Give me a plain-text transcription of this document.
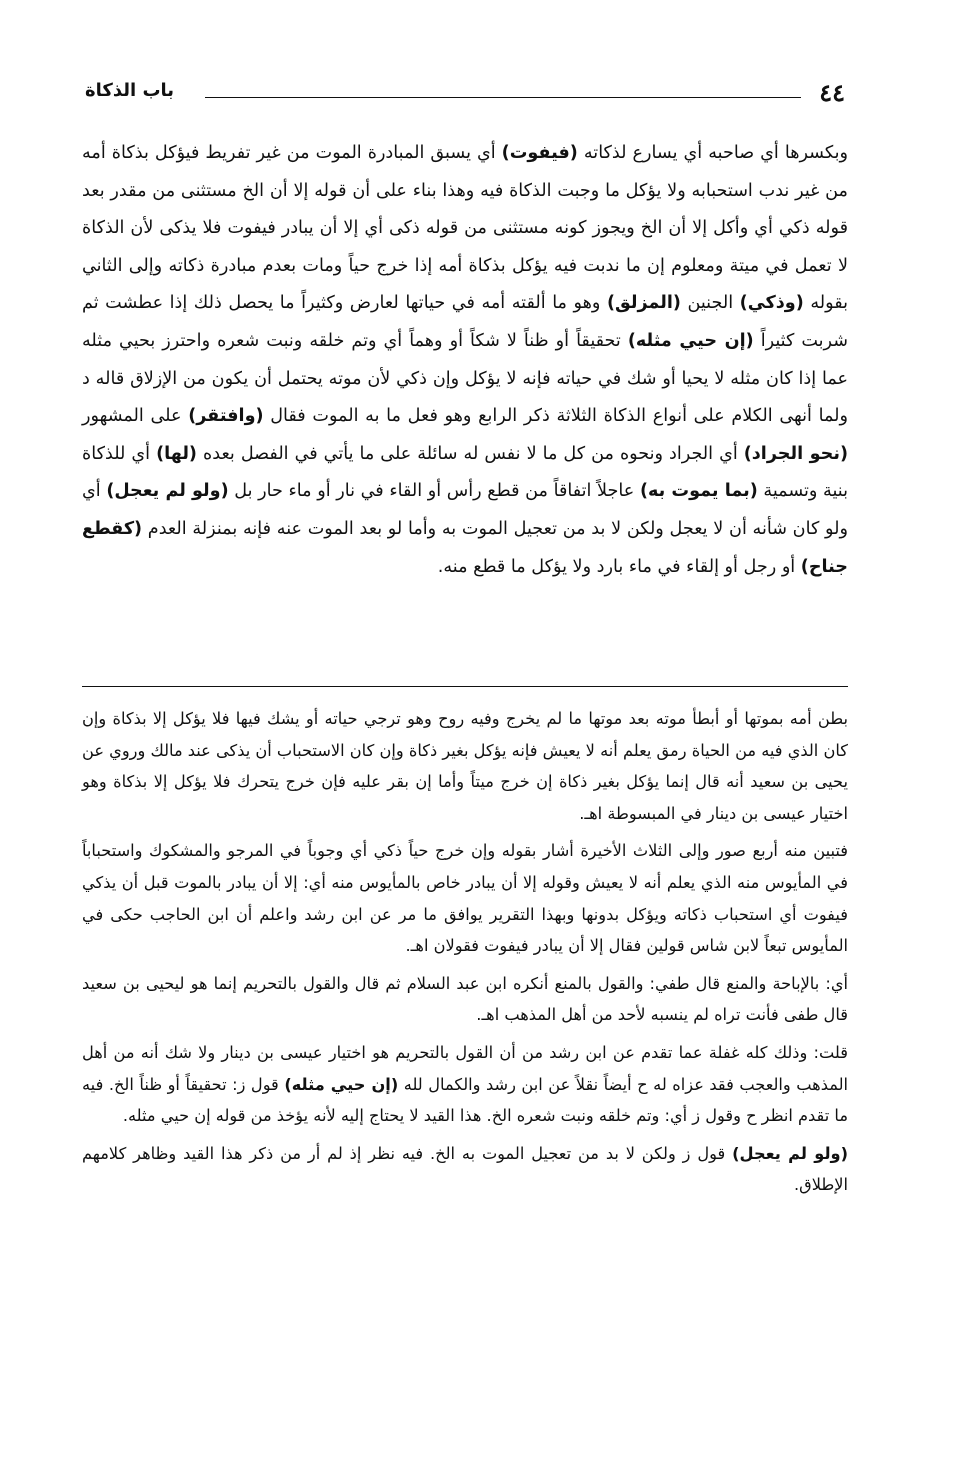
٤٤
باب الذكاة

وبكسرها أي صاحبه أي يسارع لذكاته (فيفوت) أي يسبق المبادرة الموت من غير تفريط فيؤكل بذكاة أمه من غير ندب استحبابه ولا يؤكل ما وجبت الذكاة فيه وهذا بناء على أن قوله إلا أن الخ مستثنى من مقدر بعد قوله ذكي أي وأكل إلا أن الخ ويجوز كونه مستثنى من قوله ذكى أي إلا أن يبادر فيفوت فلا يذكى لأن الذكاة لا تعمل في ميتة ومعلوم إن ما ندبت فيه يؤكل بذكاة أمه إذا خرج حياً ومات بعدم مبادرة ذكاته وإلى الثاني بقوله (وذكي) الجنين (المزلق) وهو ما ألقته أمه في حياتها لعارض وكثيراً ما يحصل ذلك إذا عطشت ثم شربت كثيراً (إن حيي مثله) تحقيقاً أو ظناً لا شكاً أو وهماً أي وتم خلقه ونبت شعره واحترز بحيي مثله عما إذا كان مثله لا يحيا أو شك في حياته فإنه لا يؤكل وإن ذكي لأن موته يحتمل أن يكون من الإزلاق قاله د ولما أنهى الكلام على أنواع الذكاة الثلاثة ذكر الرابع وهو فعل ما به الموت فقال (وافتقر) على المشهور (نحو الجراد) أي الجراد ونحوه من كل ما لا نفس له سائلة على ما يأتي في الفصل بعده (لها) أي للذكاة بنية وتسمية (بما يموت به) عاجلاً اتفاقاً من قطع رأس أو القاء في نار أو ماء حار بل (ولو لم يعجل) أي ولو كان شأنه أن لا يعجل ولكن لا بد من تعجيل الموت به وأما لو بعد الموت عنه فإنه بمنزلة العدم (كقطع جناح) أو رجل أو إلقاء في ماء بارد ولا يؤكل ما قطع منه.

بطن أمه بموتها أو أبطأ موته بعد موتها ما لم يخرج وفيه روح وهو ترجي حياته أو يشك فيها فلا يؤكل إلا بذكاة وإن كان الذي فيه من الحياة رمق يعلم أنه لا يعيش فإنه يؤكل بغير ذكاة وإن كان الاستحباب أن يذكى عند مالك وروي عن يحيى بن سعيد أنه قال إنما يؤكل بغير ذكاة إن خرج ميتاً وأما إن بقر عليه فإن خرج يتحرك فلا يؤكل إلا بذكاة وهو اختيار عيسى بن دينار في المبسوطة اهـ.

فتبين منه أربع صور وإلى الثلاث الأخيرة أشار بقوله وإن خرج حياً ذكي أي وجوباً في المرجو والمشكوك واستحباباً في المأيوس منه الذي يعلم أنه لا يعيش وقوله إلا أن يبادر خاص بالمأيوس منه أي: إلا أن يبادر بالموت قبل أن يذكي فيفوت أي استحباب ذكاته ويؤكل بدونها وبهذا التقرير يوافق ما مر عن ابن رشد واعلم أن ابن الحاجب حكى في المأيوس تبعاً لابن شاس قولين فقال إلا أن يبادر فيفوت فقولان اهـ.

أي: بالإباحة والمنع قال طفي: والقول بالمنع أنكره ابن عبد السلام ثم قال والقول بالتحريم إنما هو ليحيى بن سعيد قال طفى فأنت تراه لم ينسبه لأحد من أهل المذهب اهـ.

قلت: وذلك كله غفلة عما تقدم عن ابن رشد من أن القول بالتحريم هو اختيار عيسى بن دينار ولا شك أنه من أهل المذهب والعجب فقد عزاه له ح أيضاً نقلاً عن ابن رشد والكمال لله (إن حيي مثله) قول ز: تحقيقاً أو ظناً الخ. فيه ما تقدم انظر ح وقول ز أي: وتم خلقه ونبت شعره الخ. هذا القيد لا يحتاج إليه لأنه يؤخذ من قوله إن حيي مثله.

(ولو لم يعجل) قول ز ولكن لا بد من تعجيل الموت به الخ. فيه نظر إذ لم أر من ذكر هذا القيد وظاهر كلامهم الإطلاق.
